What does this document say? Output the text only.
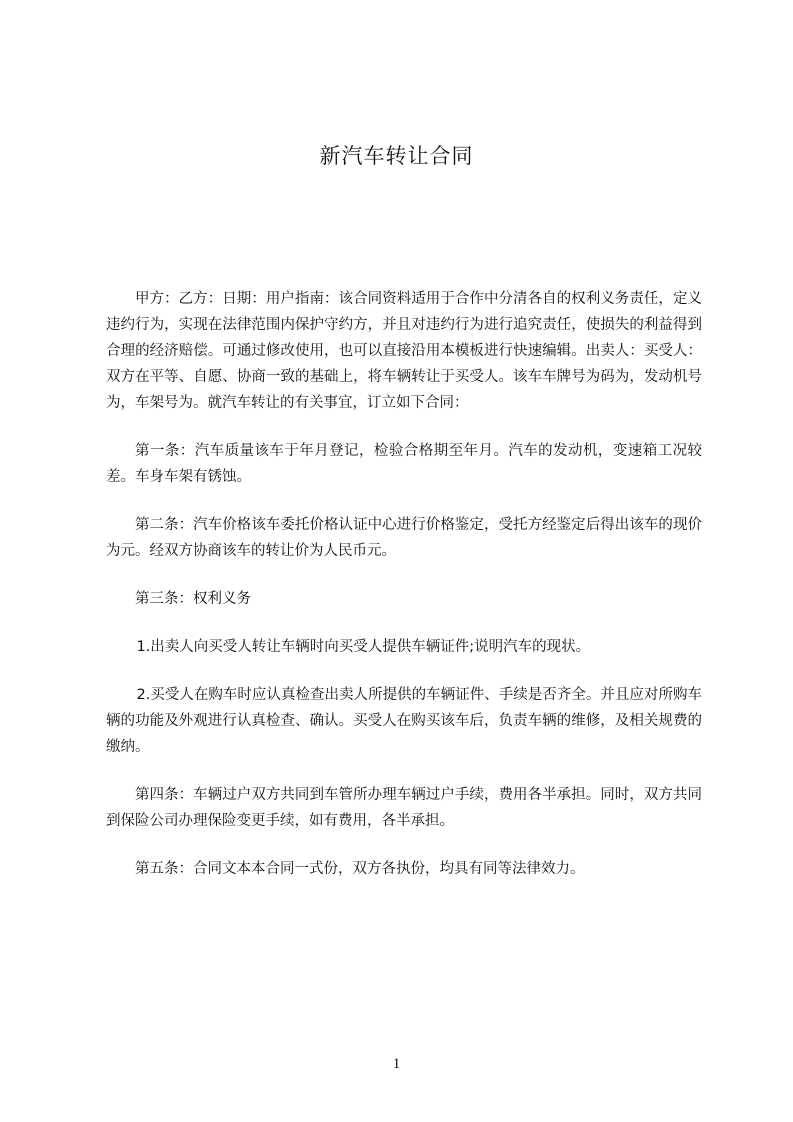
新汽车转让合同

甲方：乙方：日期：用户指南：该合同资料适用于合作中分清各自的权利义务责任，定义违约行为，实现在法律范围内保护守约方，并且对违约行为进行追究责任，使损失的利益得到合理的经济赔偿。可通过修改使用，也可以直接沿用本模板进行快速编辑。出卖人：买受人：双方在平等、自愿、协商一致的基础上，将车辆转让于买受人。该车车牌号为码为，发动机号为，车架号为。就汽车转让的有关事宜，订立如下合同：

第一条：汽车质量该车于年月登记，检验合格期至年月。汽车的发动机，变速箱工况较差。车身车架有锈蚀。

第二条：汽车价格该车委托价格认证中心进行价格鉴定，受托方经鉴定后得出该车的现价为元。经双方协商该车的转让价为人民币元。

第三条：权利义务

1.出卖人向买受人转让车辆时向买受人提供车辆证件;说明汽车的现状。

2.买受人在购车时应认真检查出卖人所提供的车辆证件、手续是否齐全。并且应对所购车辆的功能及外观进行认真检查、确认。买受人在购买该车后，负责车辆的维修，及相关规费的缴纳。

第四条：车辆过户双方共同到车管所办理车辆过户手续，费用各半承担。同时，双方共同到保险公司办理保险变更手续，如有费用，各半承担。

第五条：合同文本本合同一式份，双方各执份，均具有同等法律效力。

1
